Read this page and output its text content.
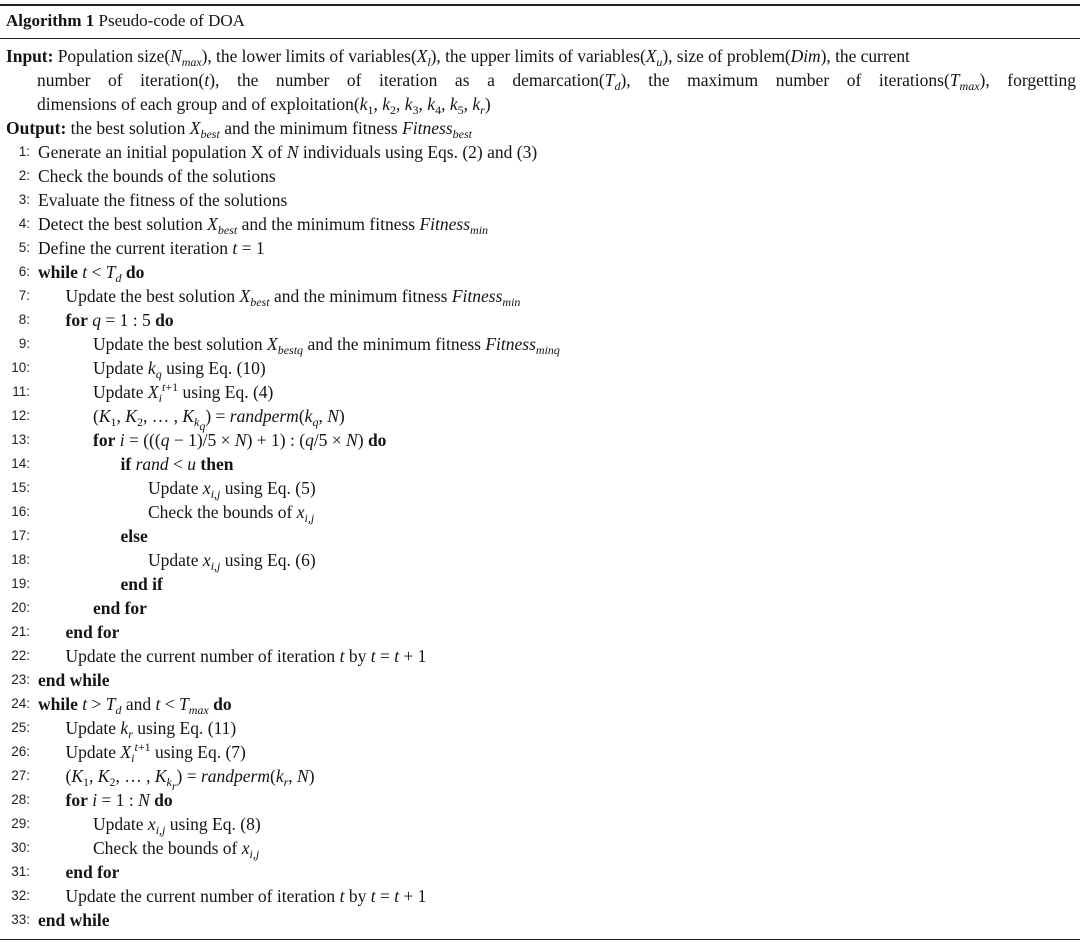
Algorithm 1 Pseudo-code of DOA
Input: Population $size(N_{max})$, the lower limits of $variables(X_l)$, the upper limits of $variables(X_u)$, size of problem(Dim), the current
number of iteration(t), the number of iteration as a $demarcation(T_d)$, the maximum number of $iterations(T_{max})$, forgetting
dimensions of each group and of $exploitation(k_1$, $k_2$, $k_3$, $k_4$, $k_5$, $k_r$)
Output: the best solution $X_{best}$ and the minimum fitness Fitness$_{best}$
1: Generate an initial population X of N individuals using Eqs. (2) and (3)
2: Check the bounds of the solutions
3: Evaluate the fitness of the solutions
4: Detect the best solution $X_{best}$ and the minimum fitness Fitness$_{min}$
5: Define the current iteration t = 1
6: while $t < T_d$ do
7: Update the best solution $X_{best}$ and the minimum fitness Fitness$_{min}$
8: for q = 1 : 5 do
9:	Update the best solution $X_{bestq}$ and the minimum fitness Fitness$_{minq}$
10:	Update $k_q$ using Eq. (10)
11:	Update $X_i^{t+1}$ using Eq. (4)
12:	($K_1$, $K_2$, … , $K_{k_q}$) = $randperm(k_q$, N)
13:	for i = (((q − 1)/5 × N) + 1) : (q/5 × N) do
14:	if rand < u then
15:	Update $x_{i,j}$ using Eq. (5)
16:	Check the bounds of $x_{i,j}$
17:	else
18:	Update $x_{i,j}$ using Eq. (6)
19:	end if
20:	end for
21: end for
22: Update the current number of iteration t by t = t + 1
23: end while
24: while $t > T_d$ and $t < T_{max}$ do
25: Update $k_r$ using Eq. (11)
26: Update $X_i^{t+1}$ using Eq. (7)
27: ($K_1$, $K_2$, … , $K_{k_r}$) = $randperm(k_r$, N)
28: for i = 1 : N do
29:	Update $x_{i,j}$ using Eq. (8)
30:	Check the bounds of $x_{i,j}$
31: end for
32: Update the current number of iteration t by t = t + 1
33: end while
